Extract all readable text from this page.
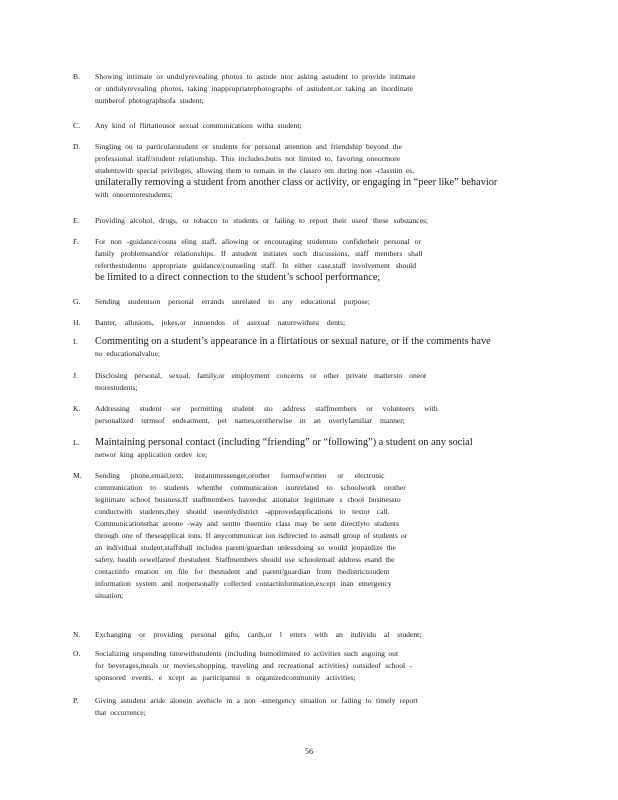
B. Showing intimate or undulyrevealing photos to astude ntor asking astudent to provide intimate
or undulyrevealing photos, taking inappropriatephotographs of astudent,or taking an inordinate
numberof photographsofa student;
C. Any kind of flirtatiousor sexual communications witha student;
D. Singling ou ta particularstudent or students for personal attention and friendship beyond the
professional staff/student relationship. This includes,butis not limited to, favoring oneormore
studentswith special privileges, allowing them to remain in the classro om during non -classtim es,
unilaterally removing a student from another class or activity, or engaging in “peer like” behavior
with oneormorestudents;
E. Providing alcohol, drugs, or tobacco to students or failing to report their useof these substances;
F. For non -guidance/couns eling staff, allowing or encouraging studentsto confidetheir personal or
family problemsand/or relationships. If astudent initiates such discussions, staff members shall
referthestudentto appropriate guidance/counseling staff. In either case,staff involvement should
be limited to a direct connection to the student’s school performance;
G. Sending studentson personal errands unrelated to any educational purpose;
H. Banter, allusions, jokes,or innuendos of asexual naturewithstu dents;
I. Commenting on a student’s appearance in a flirtatious or sexual nature, or if the comments have
no educationalvalue;
J. Disclosing personal, sexual, family,or employment concerns or other private mattersto oneor
morestudents;
K. Addressing student sor permitting student sto address staffmembers or volunteers with
personalized termsof endearment, pet names,orotherwise in an overlyfamiliar manner;
L. Maintaining personal contact (including “friending” or “following”) a student on any social
networ king application ordev ice;
M. Sending phone,email,text, instantmessenger,orother formsofwritten or electronic
communication to students whenthe communication isunrelated to schoolwork orother
legitimate school business.If staffmembers haveeduc ationalor legitimate s chool businessto
conductwith students,they should useonlydistrict -approvedapplications to textor call.
Communicationsthat areone -way and sentto theentire class may be sent directlyto students
through one of theseapplicat ions. If anycommunicat ion isdirected to asmall group of students or
an individual student,staffshall includea parent/guardian unlessdoing so would jeopardize the
safety, health orwelfareof thestudent. Staffmembers should use schoolemail address esand the
contactinfo rmation on file for thestudent and parent/guardian from thedistrictstudent
information system and notpersonally collected contactinformation,except inan emergency
situation;
N. Exchanging or providing personal gifts, cards,or l etters with an individu al student;
O. Socializing orspending timewithstudents (including butnotlimited to activities such asgoing out
for beverages,meals or movies,shopping, traveling and recreational activities) outsideof school -
sponsored events, e xcept as participantsi n organizedcommunity activities;
P. Giving astudent aride alonein avehicle in a non -emergency situation or failing to timely report
that occurrence;
56
